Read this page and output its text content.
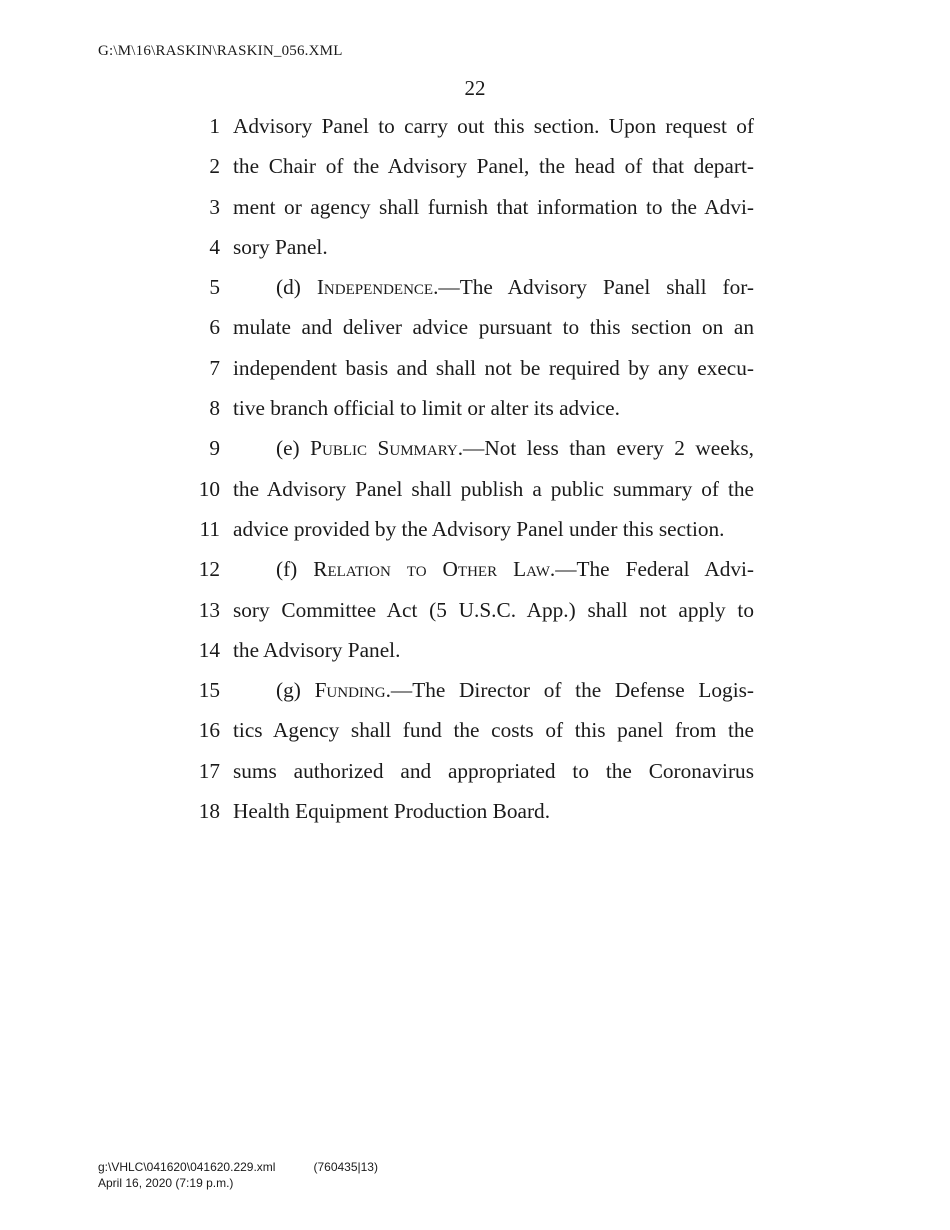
G:\M\16\RASKIN\RASKIN_056.XML
22
1 Advisory Panel to carry out this section. Upon request of
2 the Chair of the Advisory Panel, the head of that depart-
3 ment or agency shall furnish that information to the Advi-
4 sory Panel.
5	(d) Independence.—The Advisory Panel shall for-
6 mulate and deliver advice pursuant to this section on an
7 independent basis and shall not be required by any execu-
8 tive branch official to limit or alter its advice.
9	(e) Public Summary.—Not less than every 2 weeks,
10 the Advisory Panel shall publish a public summary of the
11 advice provided by the Advisory Panel under this section.
12	(f) Relation to Other Law.—The Federal Advi-
13 sory Committee Act (5 U.S.C. App.) shall not apply to
14 the Advisory Panel.
15	(g) Funding.—The Director of the Defense Logis-
16 tics Agency shall fund the costs of this panel from the
17 sums authorized and appropriated to the Coronavirus
18 Health Equipment Production Board.
g:\VHLC\041620\041620.229.xml	(760435|13)
April 16, 2020 (7:19 p.m.)
